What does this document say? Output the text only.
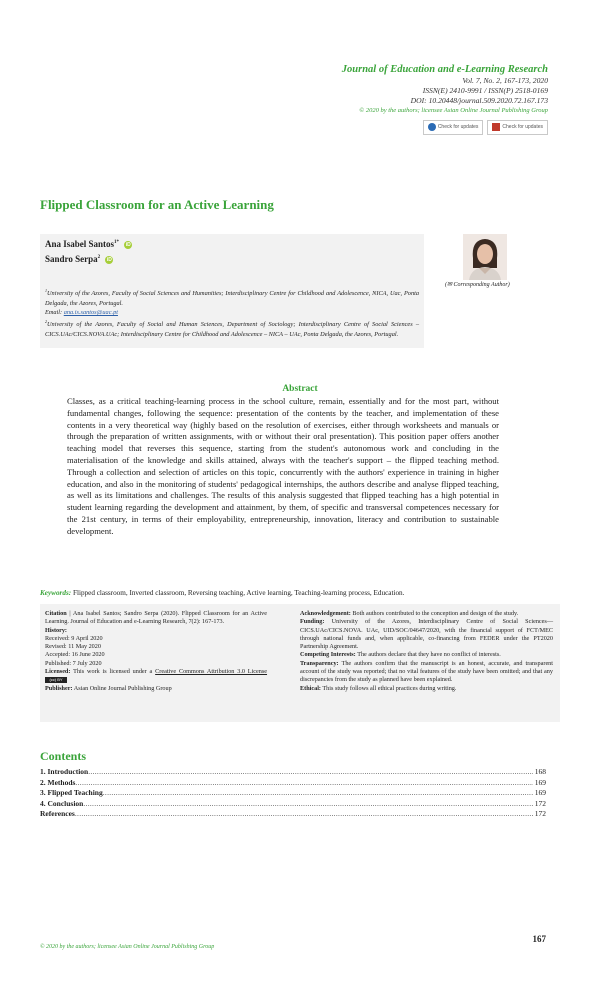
Journal of Education and e-Learning Research
Vol. 7, No. 2, 167-173, 2020
ISSN(E) 2410-9991 / ISSN(P) 2518-0169
DOI: 10.20448/journal.509.2020.72.167.173
© 2020 by the authors; licensee Asian Online Journal Publishing Group
Check for updates	Check for updates
Flipped Classroom for an Active Learning
Ana Isabel Santos$^{1*}$ iD
Sandro Serpa$^2$ iD
$^1$University of the Azores, Faculty of Social Sciences and Humanities; Interdisciplinary Centre for Childhood and Adolescence, NICA, Uac, Ponta Delgada, the Azores, Portugal.
Email: ana.is.santos@uac.pt
$^2$University of the Azores, Faculty of Social and Human Sciences, Department of Sociology; Interdisciplinary Centre of Social Sciences – CICS.UAc/CICS.NOVA.UAc; Interdisciplinary Centre for Childhood and Adolescence – NICA – UAc, Ponta Delgada, the Azores, Portugal.
(✉ Corresponding Author)
Abstract
Classes, as a critical teaching-learning process in the school culture, remain, essentially and for the most part, without fundamental changes, following the sequence: presentation of the contents by the teacher, and implementation of these contents in a very theoretical way (highly based on the resolution of exercises, either through worksheets and manuals or through the preparation of written assignments, with or without their oral presentation). This position paper offers another teaching model that reverses this sequence, starting from the student's autonomous work and concluding in the materialisation of the knowledge and skills attained, always with the teacher's support – the flipped teaching method. Through a collection and selection of articles on this topic, concurrently with the authors' experience in training in higher education, and also in the monitoring of students' pedagogical internships, the authors describe and analyse flipped teaching, as well as its limitations and challenges. The results of this analysis suggested that flipped teaching has a high potential in student learning regarding the development and attainment, by them, of specific and transversal competences necessary for the 21st century, in terms of their employability, entrepreneurship, innovation, literacy and contribution to sustainable development.
Keywords: Flipped classroom, Inverted classroom, Reversing teaching, Active learning, Teaching-learning process, Education.
Citation | Ana Isabel Santos; Sandro Serpa (2020). Flipped Classroom for an Active Learning. Journal of Education and e-Learning Research, 7(2): 167-173.
History:
Received: 9 April 2020
Revised: 11 May 2020
Accepted: 16 June 2020
Published: 7 July 2020
Licensed: This work is licensed under a Creative Commons Attribution 3.0 License (cc) BY
Publisher: Asian Online Journal Publishing Group
Acknowledgement: Both authors contributed to the conception and design of the study.
Funding: University of the Azores, Interdisciplinary Centre of Social Sciences—CICS.UAc/CICS.NOVA. UAc, UID/SOC/04647/2020, with the financial support of FCT/MEC through national funds and, when applicable, co-financing from FEDER under the PT2020 Partnership Agreement.
Competing Interests: The authors declare that they have no conflict of interests.
Transparency: The authors confirm that the manuscript is an honest, accurate, and transparent account of the study was reported; that no vital features of the study have been omitted; and that any discrepancies from the study as planned have been explained.
Ethical: This study follows all ethical practices during writing.
Contents
1. Introduction .....	168
2. Methods .....	169
3. Flipped Teaching .....	169
4. Conclusion .....	172
References .....	172
167
© 2020 by the authors; licensee Asian Online Journal Publishing Group
